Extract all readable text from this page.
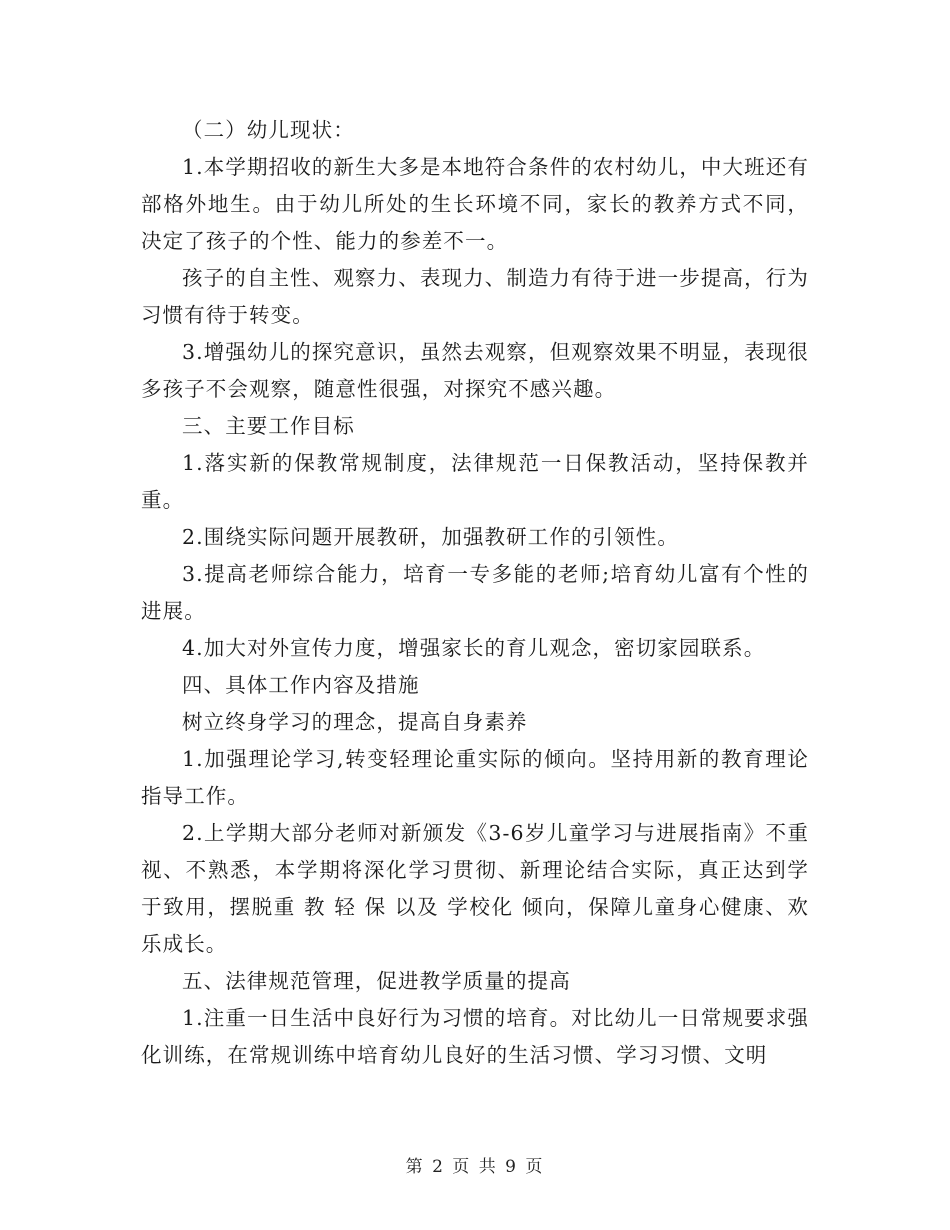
（二）幼儿现状：

1.本学期招收的新生大多是本地符合条件的农村幼儿，中大班还有部格外地生。由于幼儿所处的生长环境不同，家长的教养方式不同，决定了孩子的个性、能力的参差不一。

孩子的自主性、观察力、表现力、制造力有待于进一步提高，行为习惯有待于转变。

3.增强幼儿的探究意识，虽然去观察，但观察效果不明显，表现很多孩子不会观察，随意性很强，对探究不感兴趣。

三、主要工作目标

1.落实新的保教常规制度，法律规范一日保教活动，坚持保教并重。

2.围绕实际问题开展教研，加强教研工作的引领性。

3.提高老师综合能力，培育一专多能的老师;培育幼儿富有个性的进展。

4.加大对外宣传力度，增强家长的育儿观念，密切家园联系。

四、具体工作内容及措施

树立终身学习的理念，提高自身素养

1.加强理论学习,转变轻理论重实际的倾向。坚持用新的教育理论指导工作。

2.上学期大部分老师对新颁发《3-6岁儿童学习与进展指南》不重视、不熟悉，本学期将深化学习贯彻、新理论结合实际，真正达到学于致用，摆脱重 教 轻 保 以及 学校化 倾向，保障儿童身心健康、欢乐成长。

五、法律规范管理，促进教学质量的提高

1.注重一日生活中良好行为习惯的培育。对比幼儿一日常规要求强化训练，在常规训练中培育幼儿良好的生活习惯、学习习惯、文明

第 2 页 共 9 页
